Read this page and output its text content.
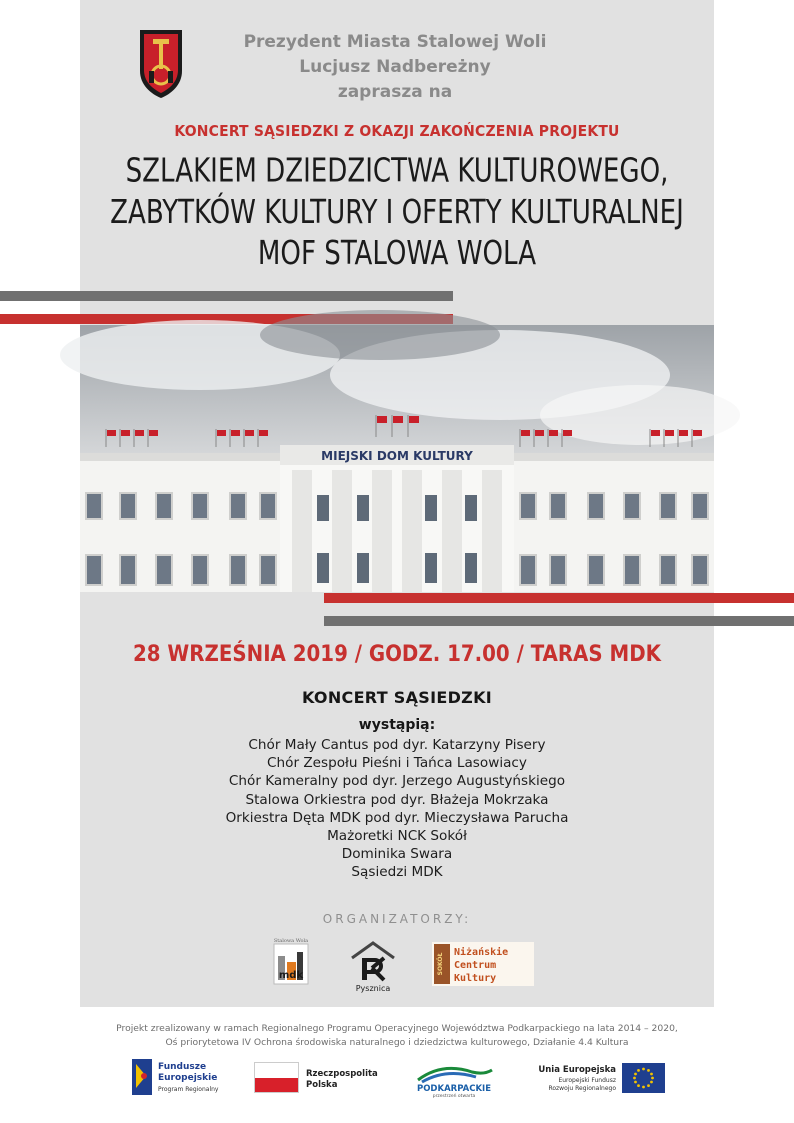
Prezydent Miasta Stalowej Woli
Lucjusz Nadbereżny
zaprasza na
KONCERT SĄSIEDZKI Z OKAZJI ZAKOŃCZENIA PROJEKTU
SZLAKIEM DZIEDZICTWA KULTUROWEGO,
ZABYTKÓW KULTURY I OFERTY KULTURALNEJ
MOF STALOWA WOLA
MIEJSKI DOM KULTURY
28 WRZEŚNIA 2019 / GODZ. 17.00 / TARAS MDK
KONCERT SĄSIEDZKI
wystąpią:
Chór Mały Cantus pod dyr. Katarzyny Pisery
Chór Zespołu Pieśni i Tańca Lasowiacy
Chór Kameralny pod dyr. Jerzego Augustyńskiego
Stalowa Orkiestra pod dyr. Błażeja Mokrzaka
Orkiestra Dęta MDK pod dyr. Mieczysława Parucha
Mażoretki NCK Sokół
Dominika Swara
Sąsiedzi MDK
ORGANIZATORZY:
mdk
Stalowa Wola
Pysznica
SOKÓŁ
Niżańskie
Centrum
Kultury
Projekt zrealizowany w ramach Regionalnego Programu Operacyjnego Województwa Podkarpackiego na lata 2014 – 2020,
Oś priorytetowa IV Ochrona środowiska naturalnego i dziedzictwa kulturowego, Działanie 4.4 Kultura
Fundusze
Europejskie
Program Regionalny
Rzeczpospolita
Polska	PODKARPACKIE
przestrzeń otwarta
Unia Europejska
Europejski Fundusz
Rozwoju Regionalnego
